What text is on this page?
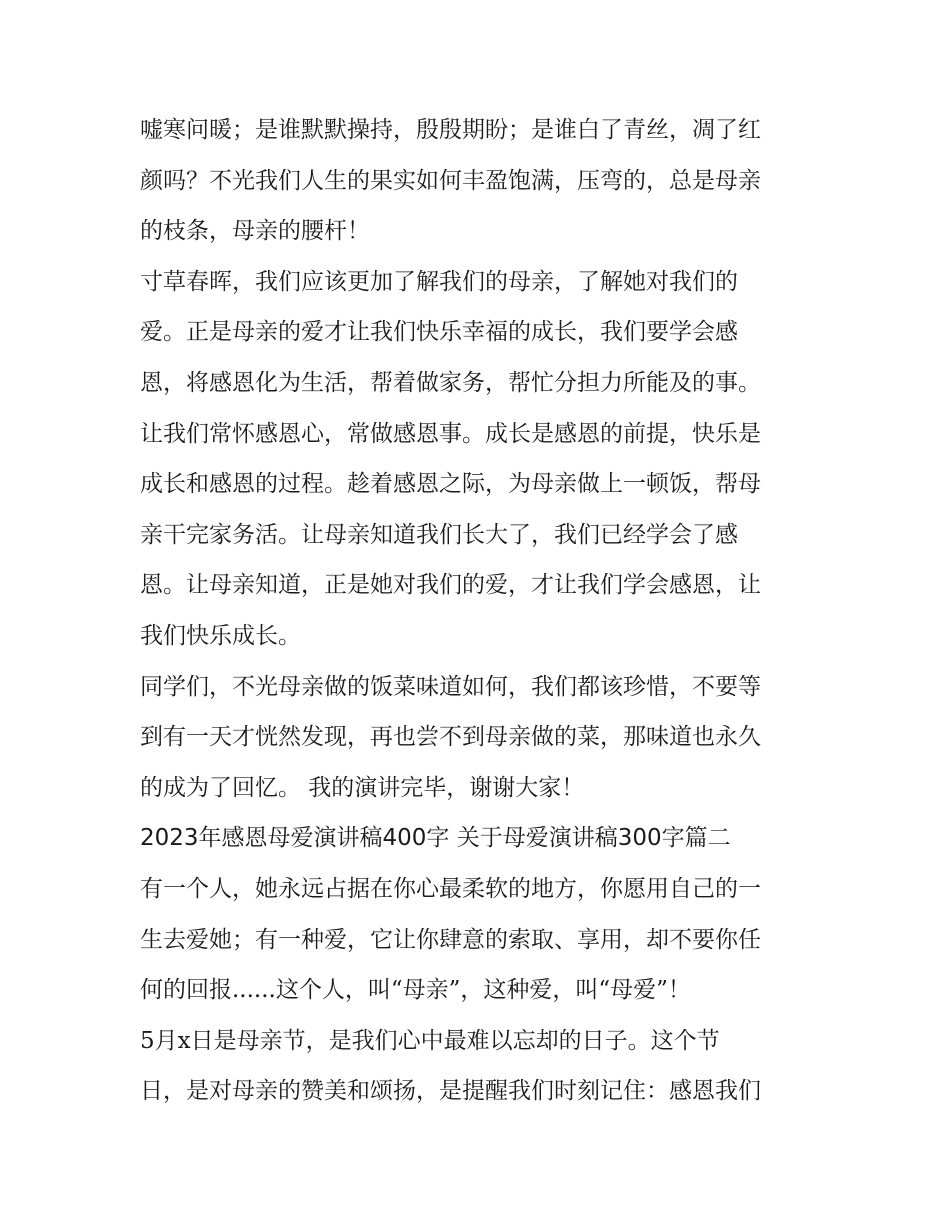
嘘寒问暖；是谁默默操持，殷殷期盼；是谁白了青丝，凋了红
颜吗？不光我们人生的果实如何丰盈饱满，压弯的，总是母亲
的枝条，母亲的腰杆！
寸草春晖，我们应该更加了解我们的母亲，了解她对我们的
爱。正是母亲的爱才让我们快乐幸福的成长，我们要学会感
恩，将感恩化为生活，帮着做家务，帮忙分担力所能及的事。
让我们常怀感恩心，常做感恩事。成长是感恩的前提，快乐是
成长和感恩的过程。趁着感恩之际，为母亲做上一顿饭，帮母
亲干完家务活。让母亲知道我们长大了，我们已经学会了感
恩。让母亲知道，正是她对我们的爱，才让我们学会感恩，让
我们快乐成长。
同学们，不光母亲做的饭菜味道如何，我们都该珍惜，不要等
到有一天才恍然发现，再也尝不到母亲做的菜，那味道也永久
的成为了回忆。 我的演讲完毕，谢谢大家！
2023年感恩母爱演讲稿400字 关于母爱演讲稿300字篇二
有一个人，她永远占据在你心最柔软的地方，你愿用自己的一
生去爱她；有一种爱，它让你肆意的索取、享用，却不要你任
何的回报......这个人，叫“母亲”，这种爱，叫“母爱”！
5月x日是母亲节，是我们心中最难以忘却的日子。这个节
日，是对母亲的赞美和颂扬，是提醒我们时刻记住：感恩我们
